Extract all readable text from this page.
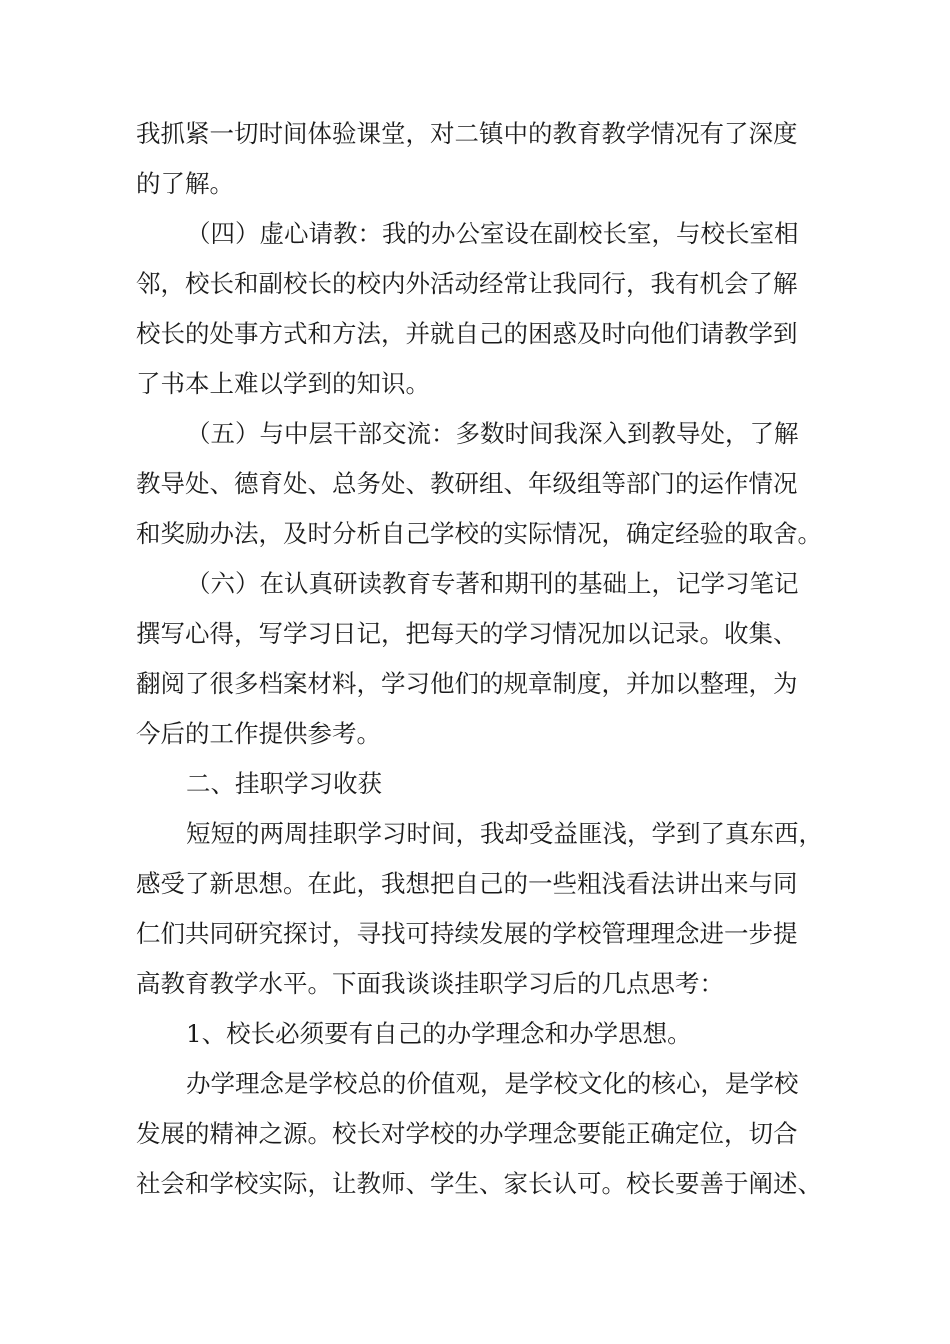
我抓紧一切时间体验课堂，对二镇中的教育教学情况有了深度
的了解。
（四）虚心请教：我的办公室设在副校长室，与校长室相
邻，校长和副校长的校内外活动经常让我同行，我有机会了解
校长的处事方式和方法，并就自己的困惑及时向他们请教学到
了书本上难以学到的知识。
（五）与中层干部交流：多数时间我深入到教导处，了解
教导处、德育处、总务处、教研组、年级组等部门的运作情况
和奖励办法，及时分析自己学校的实际情况，确定经验的取舍。
（六）在认真研读教育专著和期刊的基础上，记学习笔记
撰写心得，写学习日记，把每天的学习情况加以记录。收集、
翻阅了很多档案材料，学习他们的规章制度，并加以整理，为
今后的工作提供参考。
二、挂职学习收获
短短的两周挂职学习时间，我却受益匪浅，学到了真东西，
感受了新思想。在此，我想把自己的一些粗浅看法讲出来与同
仁们共同研究探讨，寻找可持续发展的学校管理理念进一步提
高教育教学水平。下面我谈谈挂职学习后的几点思考：
1、校长必须要有自己的办学理念和办学思想。
办学理念是学校总的价值观，是学校文化的核心，是学校
发展的精神之源。校长对学校的办学理念要能正确定位，切合
社会和学校实际，让教师、学生、家长认可。校长要善于阐述、
